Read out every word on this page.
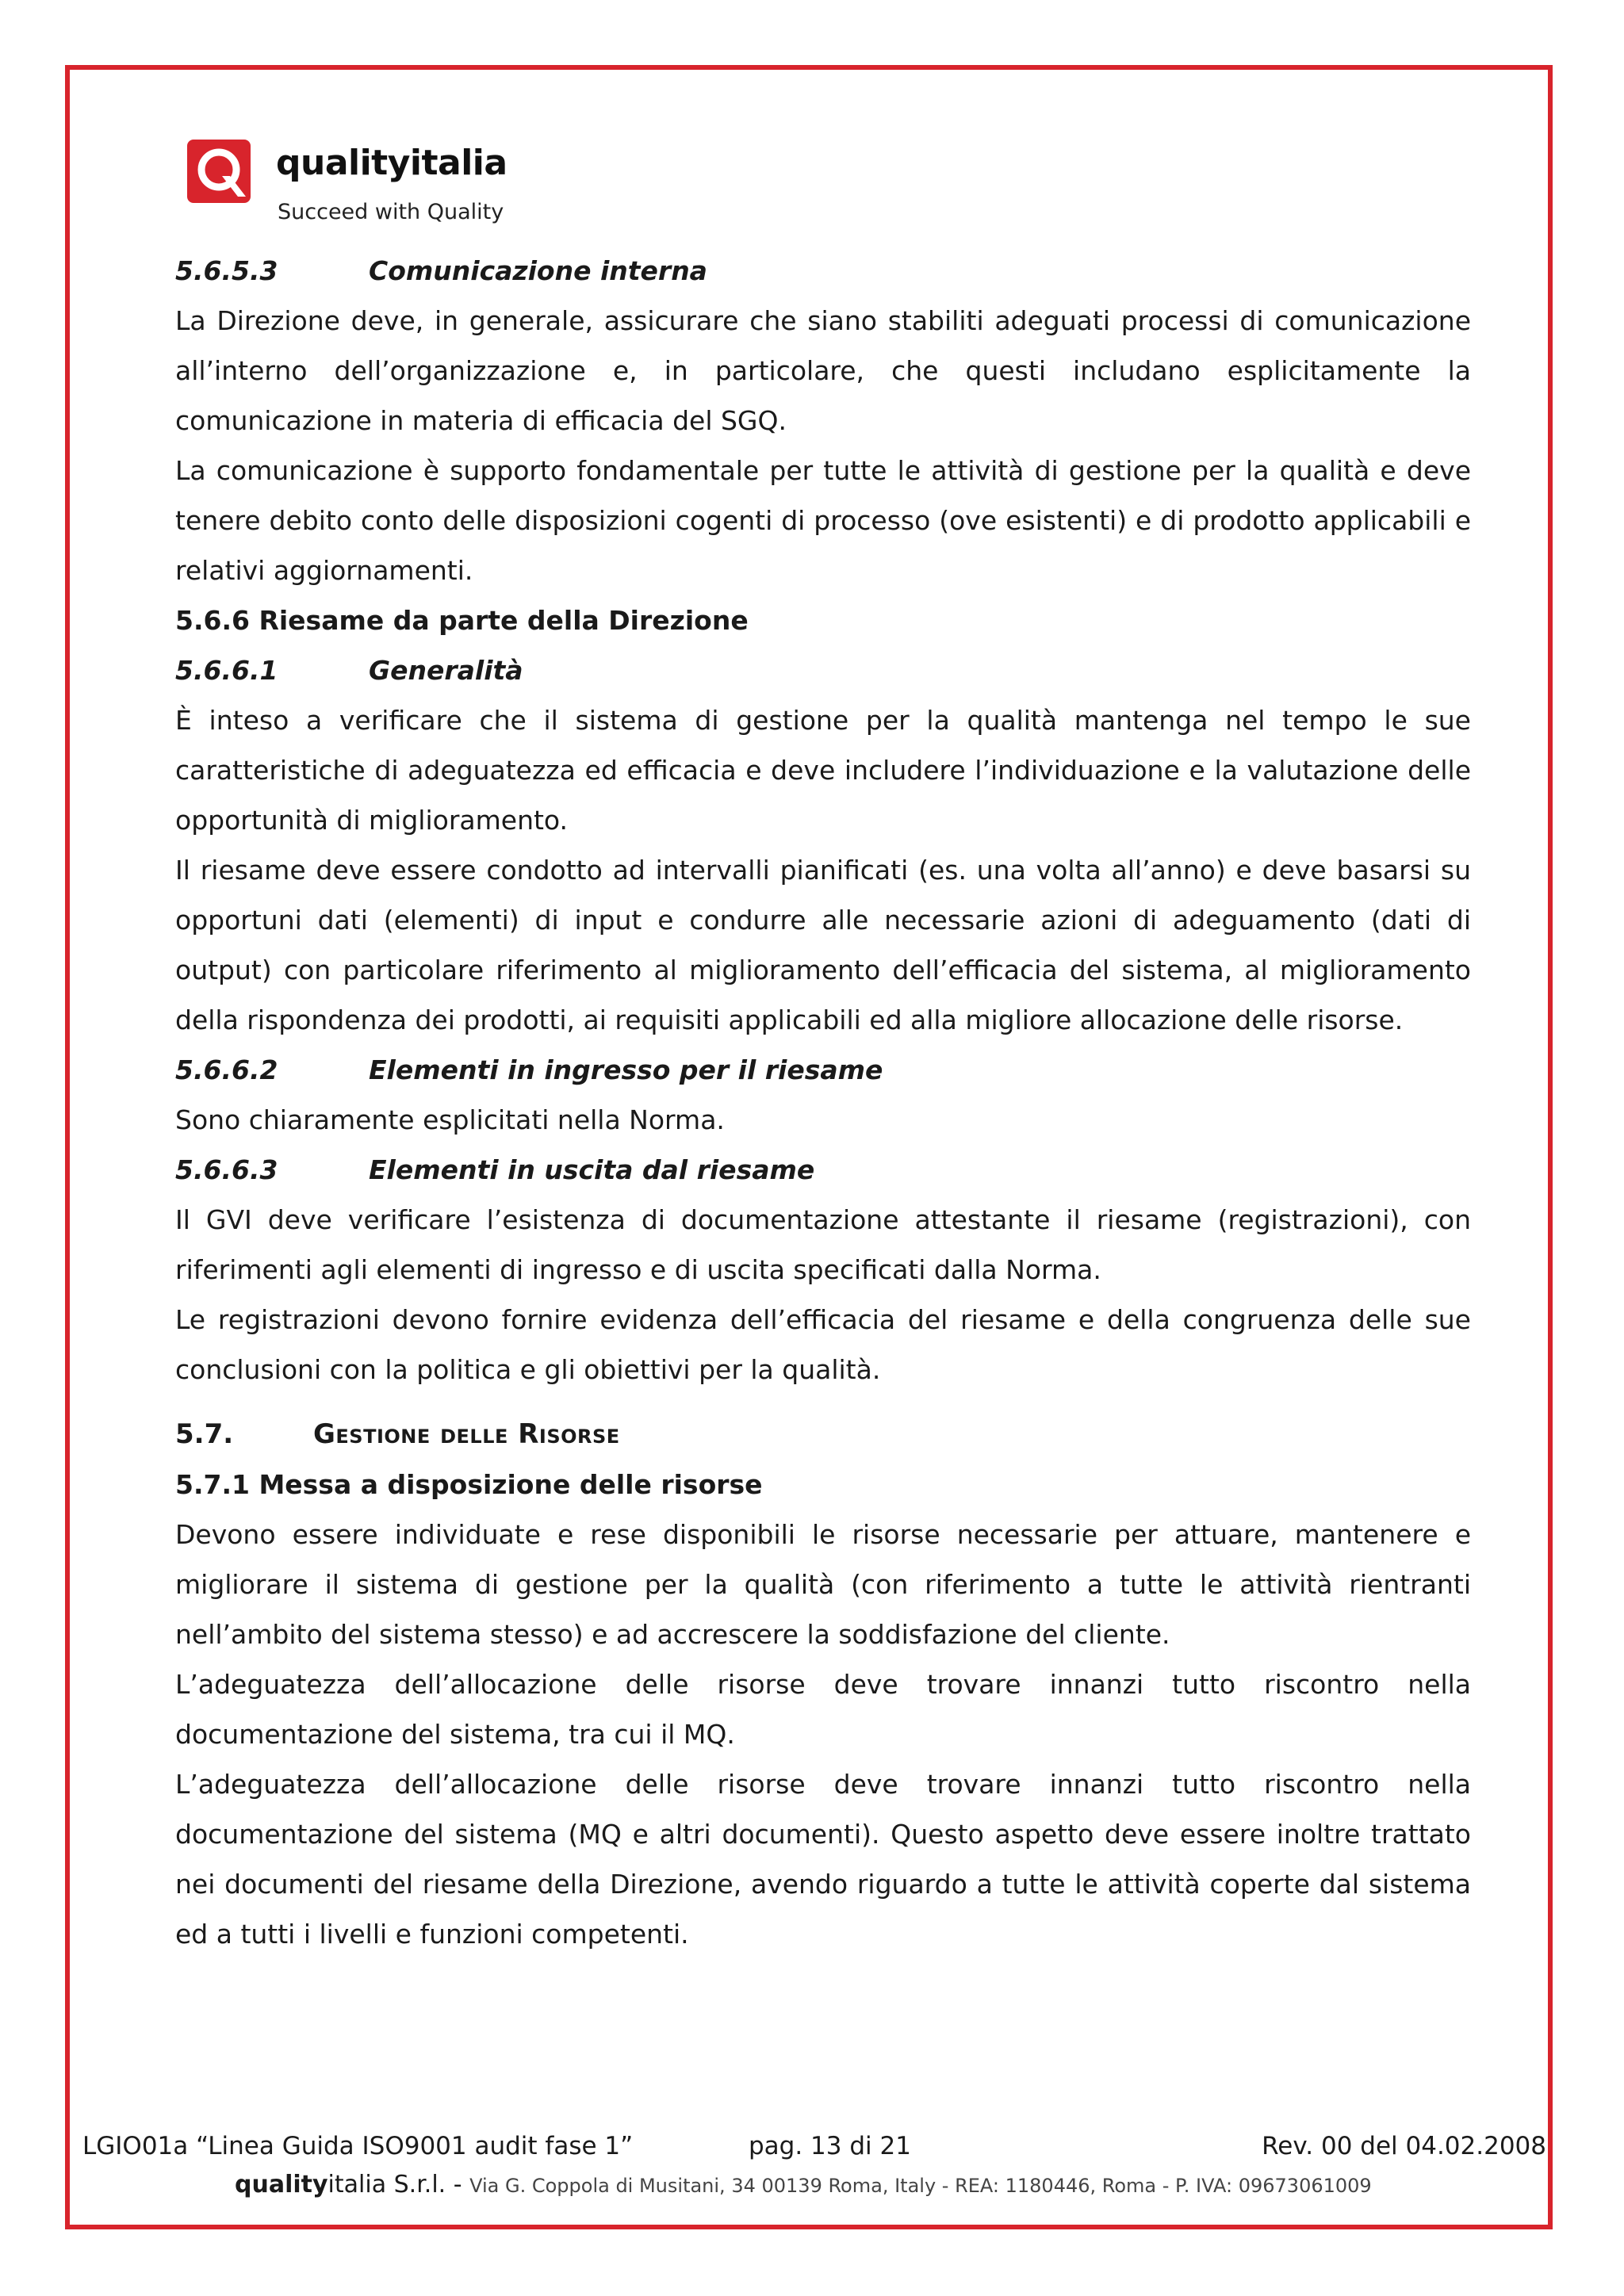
qualityitalia
Succeed with Quality
5.6.5.3	Comunicazione interna

La Direzione deve, in generale, assicurare che siano stabiliti adeguati processi di comunicazione all’interno dell’organizzazione e, in particolare, che questi includano esplicitamente la comunicazione in materia di efficacia del SGQ.

La comunicazione è supporto fondamentale per tutte le attività di gestione per la qualità e deve tenere debito conto delle disposizioni cogenti di processo (ove esistenti) e di prodotto applicabili e relativi aggiornamenti.

5.6.6 Riesame da parte della Direzione
5.6.6.1	Generalità

È inteso a verificare che il sistema di gestione per la qualità mantenga nel tempo le sue caratteristiche di adeguatezza ed efficacia e deve includere l’individuazione e la valutazione delle opportunità di miglioramento.

Il riesame deve essere condotto ad intervalli pianificati (es. una volta all’anno) e deve basarsi su opportuni dati (elementi) di input e condurre alle necessarie azioni di adeguamento (dati di output) con particolare riferimento al miglioramento dell’efficacia del sistema, al miglioramento della rispondenza dei prodotti, ai requisiti applicabili ed alla migliore allocazione delle risorse.

5.6.6.2	Elementi in ingresso per il riesame

Sono chiaramente esplicitati nella Norma.

5.6.6.3	Elementi in uscita dal riesame

Il GVI deve verificare l’esistenza di documentazione attestante il riesame (registrazioni), con riferimenti agli elementi di ingresso e di uscita specificati dalla Norma.

Le registrazioni devono fornire evidenza dell’efficacia del riesame e della congruenza delle sue conclusioni con la politica e gli obiettivi per la qualità.

5.7.	Gestione delle Risorse
5.7.1 Messa a disposizione delle risorse

Devono essere individuate e rese disponibili le risorse necessarie per attuare, mantenere e migliorare il sistema di gestione per la qualità (con riferimento a tutte le attività rientranti nell’ambito del sistema stesso) e ad accrescere la soddisfazione del cliente.

L’adeguatezza dell’allocazione delle risorse deve trovare innanzi tutto riscontro nella documentazione del sistema, tra cui il MQ.

L’adeguatezza dell’allocazione delle risorse deve trovare innanzi tutto riscontro nella documentazione del sistema (MQ e altri documenti). Questo aspetto deve essere inoltre trattato nei documenti del riesame della Direzione, avendo riguardo a tutte le attività coperte dal sistema ed a tutti i livelli e funzioni competenti.

LGIO01a “Linea Guida ISO9001 audit fase 1”	pag. 13 di 21	Rev. 00 del 04.02.2008
qualityitalia S.r.l. - Via G. Coppola di Musitani, 34 00139 Roma, Italy - REA: 1180446, Roma - P. IVA: 09673061009
